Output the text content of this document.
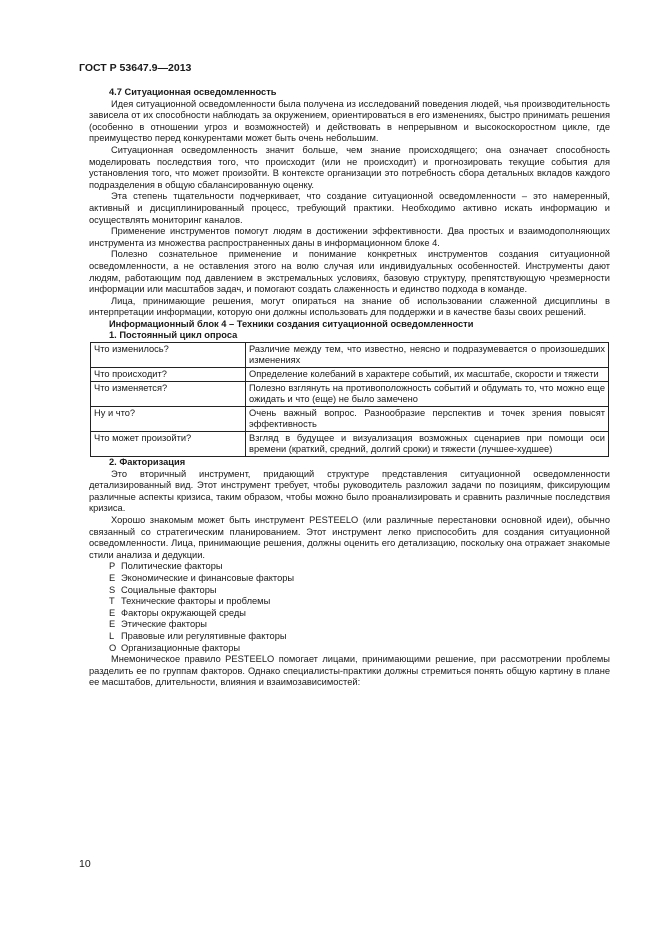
ГОСТ Р 53647.9—2013
4.7 Ситуационная осведомленность

Идея ситуационной осведомленности была получена из исследований поведения людей, чья производительность зависела от их способности наблюдать за окружением, ориентироваться в его изменениях, быстро принимать решения (особенно в отношении угроз и возможностей) и действовать в непрерывном и высокоскоростном цикле, где преимущество перед конкурентами может быть очень небольшим.

Ситуационная осведомленность значит больше, чем знание происходящего; она означает способность моделировать последствия того, что происходит (или не происходит) и прогнозировать текущие события для установления того, что может произойти. В контексте организации это потребность сбора детальных вкладов каждого подразделения в общую сбалансированную оценку.

Эта степень тщательности подчеркивает, что создание ситуационной осведомленности – это намеренный, активный и дисциплинированный процесс, требующий практики. Необходимо активно искать информацию и осуществлять мониторинг каналов.

Применение инструментов помогут людям в достижении эффективности. Два простых и взаимодополняющих инструмента из множества распространенных даны в информационном блоке 4.

Полезно сознательное применение и понимание конкретных инструментов создания ситуационной осведомленности, а не оставления этого на волю случая или индивидуальных особенностей. Инструменты дают людям, работающим под давлением в экстремальных условиях, базовую структуру, препятствующую чрезмерности информации или масштабов задач, и помогают создать слаженность и единство подхода в команде.

Лица, принимающие решения, могут опираться на знание об использовании слаженной дисциплины в интерпретации информации, которую они должны использовать для поддержки и в качестве базы своих решений.

Информационный блок 4 – Техники создания ситуационной осведомленности
1. Постоянный цикл опроса
Что изменилось?	Различие между тем, что известно, неясно и подразумевается о произошедших изменениях
Что происходит?	Определение колебаний в характере событий, их масштабе, скорости и тяжести
Что изменяется?	Полезно взглянуть на противоположность событий и обдумать то, что можно еще ожидать и что (еще) не было замечено
Ну и что?	Очень важный вопрос. Разнообразие перспектив и точек зрения повысят эффективность
Что может произойти?	Взгляд в будущее и визуализация возможных сценариев при помощи оси времени (краткий, средний, долгий сроки) и тяжести (лучшее-худшее)
2. Факторизация

Это вторичный инструмент, придающий структуре представления ситуационной осведомленности детализированный вид. Этот инструмент требует, чтобы руководитель разложил задачи по позициям, фиксирующим различные аспекты кризиса, таким образом, чтобы можно было проанализировать и сравнить различные последствия кризиса.

Хорошо знакомым может быть инструмент PESTEELO (или различные перестановки основной идеи), обычно связанный со стратегическим планированием. Этот инструмент легко приспособить для создания ситуационной осведомленности. Лица, принимающие решения, должны оценить его детализацию, поскольку она отражает знакомые стили анализа и дедукции.

P Политические факторы
E Экономические и финансовые факторы
S Социальные факторы
T Технические факторы и проблемы
E Факторы окружающей среды
E Этические факторы
L Правовые или регулятивные факторы
O Организационные факторы

Мнемоническое правило PESTEELO помогает лицами, принимающими решение, при рассмотрении проблемы разделить ее по группам факторов. Однако специалисты-практики должны стремиться понять общую картину в плане ее масштабов, длительности, влияния и взаимозависимостей:

10
